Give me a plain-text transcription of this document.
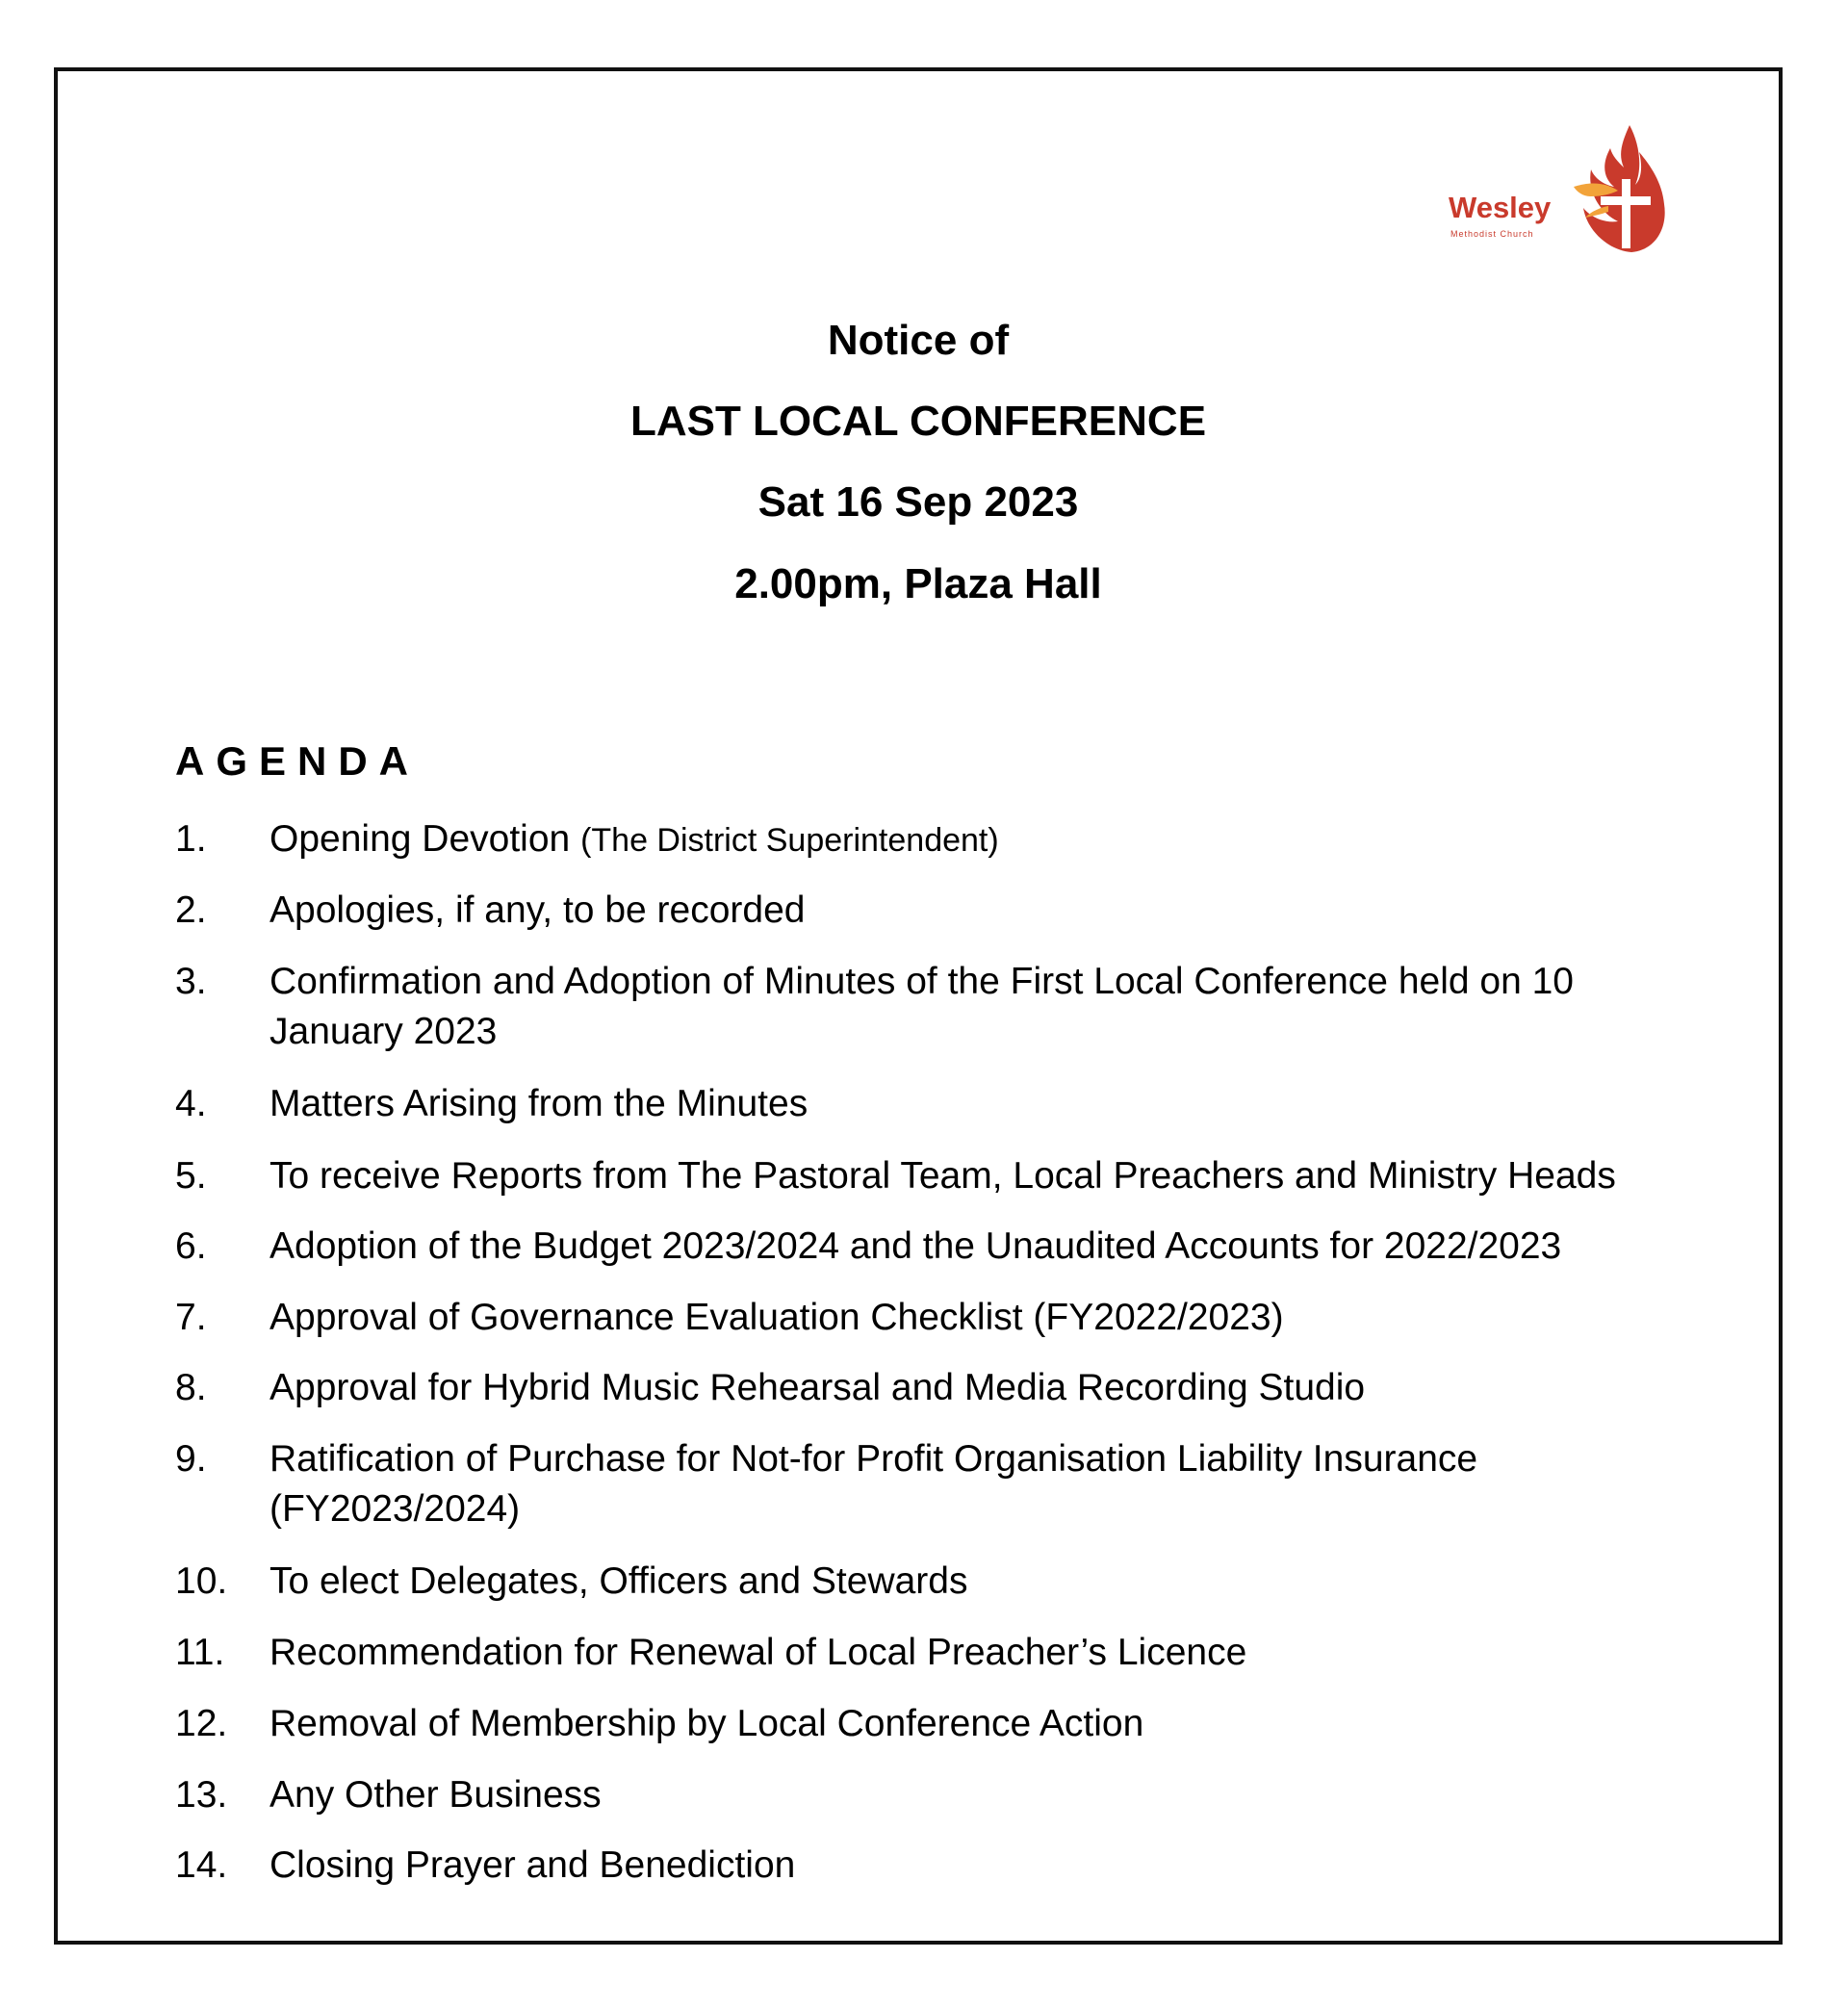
Wesley
Methodist Church
Notice of
LAST LOCAL CONFERENCE
Sat 16 Sep 2023
2.00pm, Plaza Hall
AGENDA
1. Opening Devotion (The District Superintendent)
2. Apologies, if any, to be recorded
3. Confirmation and Adoption of Minutes of the First Local Conference held on 10 January 2023
4. Matters Arising from the Minutes
5. To receive Reports from The Pastoral Team, Local Preachers and Ministry Heads
6. Adoption of the Budget 2023/2024 and the Unaudited Accounts for 2022/2023
7. Approval of Governance Evaluation Checklist (FY2022/2023)
8. Approval for Hybrid Music Rehearsal and Media Recording Studio
9. Ratification of Purchase for Not-for Profit Organisation Liability Insurance (FY2023/2024)
10. To elect Delegates, Officers and Stewards
11. Recommendation for Renewal of Local Preacher’s Licence
12. Removal of Membership by Local Conference Action
13. Any Other Business
14. Closing Prayer and Benediction
